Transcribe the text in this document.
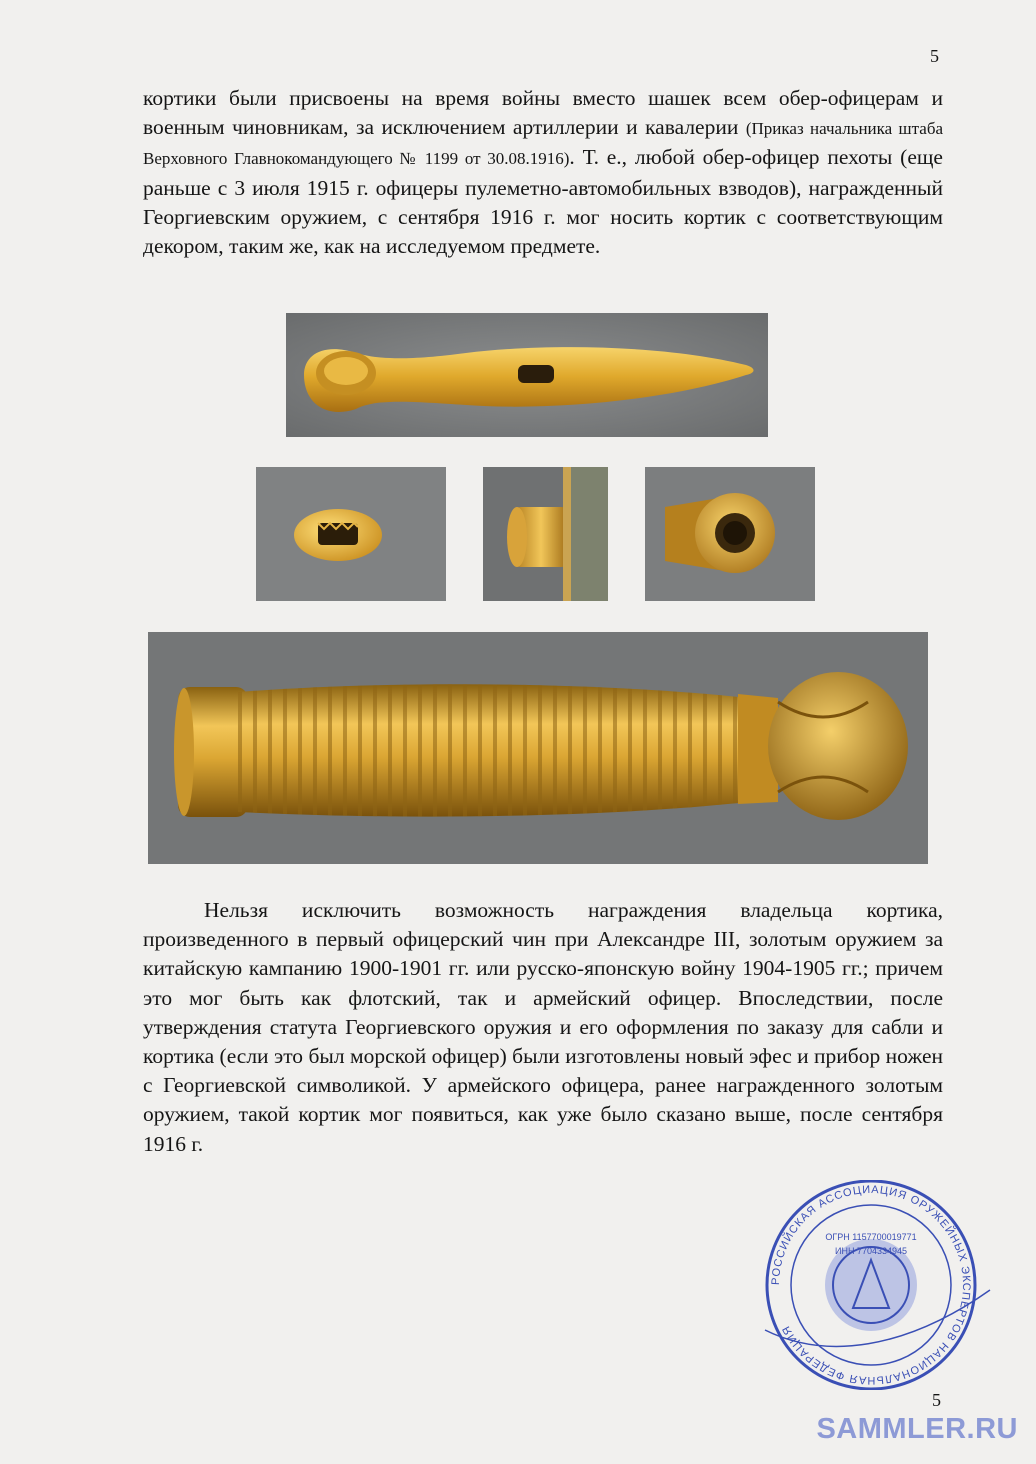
5

кортики были присвоены на время войны вместо шашек всем обер-офицерам и военным чиновникам, за исключением артиллерии и кавалерии (Приказ начальника штаба Верховного Главнокомандующего № 1199 от 30.08.1916). Т. е., любой обер-офицер пехоты (еще раньше с 3 июля 1915 г. офицеры пулеметно-автомобильных взводов), награжденный Георгиевским оружием, с сентября 1916 г. мог носить кортик с соответствующим декором, таким же, как на исследуемом предмете.

Нельзя исключить возможность награждения владельца кортика, произведенного в первый офицерский чин при Александре III, золотым оружием за китайскую кампанию 1900-1901 гг. или русско-японскую войну 1904-1905 гг.; причем это мог быть как флотский, так и армейский офицер. Впоследствии, после утверждения статута Георгиевского оружия и его оформления по заказу для сабли и кортика (если это был морской офицер) были изготовлены новый эфес и прибор ножен с Георгиевской символикой. У армейского офицера, ранее награжденного золотым оружием, такой кортик мог появиться, как уже было сказано выше, после сентября 1916 г.

РОССИЙСКАЯ АССОЦИАЦИЯ ОРУЖЕЙНЫХ ЭКСПЕРТОВ НАЦИОНАЛЬНАЯ ФЕДЕРАЦИЯ
ИНН 7704334945
ОГРН 1157700019771
5
SAMMLER.RU
